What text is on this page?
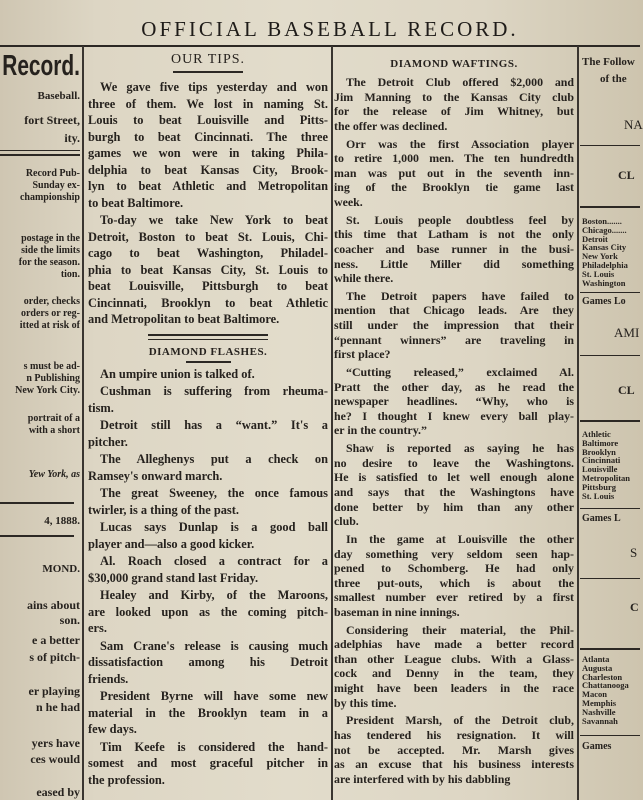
OFFICIAL BASEBALL RECORD.
Record.
Baseball.
fort Street,
ity.
Record Pub-
Sunday ex-
championship
postage in the
side the limits
for the season.
tion.
order, checks
orders or reg-
itted at risk of
s must be ad-
n Publishing
New York City.
portrait of a
with a short
Yew York, as
4, 1888.
MOND.
ains about
son.
e a better
s of pitch-
er playing
n he had
yers have
ces would
eased by
OUR TIPS.
We gave five tips yesterday and won
three of them. We lost in naming St.
Louis to beat Louisville and Pitts-
burgh to beat Cincinnati. The three
games we won were in taking Phila-
delphia to beat Kansas City, Brook-
lyn to beat Athletic and Metropolitan
to beat Baltimore.
To-day we take New York to beat
Detroit, Boston to beat St. Louis, Chi-
cago to beat Washington, Philadel-
phia to beat Kansas City, St. Louis to
beat Louisville, Pittsburgh to beat
Cincinnati, Brooklyn to beat Athletic
and Metropolitan to beat Baltimore.
DIAMOND FLASHES.
An umpire union is talked of.
Cushman is suffering from rheuma-
tism.
Detroit still has a “want.” It's a
pitcher.
The Alleghenys put a check on
Ramsey's onward march.
The great Sweeney, the once famous
twirler, is a thing of the past.
Lucas says Dunlap is a good ball
player and—also a good kicker.
Al. Roach closed a contract for a
$30,000 grand stand last Friday.
Healey and Kirby, of the Maroons,
are looked upon as the coming pitch-
ers.
Sam Crane's release is causing much
dissatisfaction among his Detroit
friends.
President Byrne will have some new
material in the Brooklyn team in a
few days.
Tim Keefe is considered the hand-
somest and most graceful pitcher in
the profession.
DIAMOND WAFTINGS.
The Detroit Club offered $2,000 and
Jim Manning to the Kansas City club
for the release of Jim Whitney, but
the offer was declined.
Orr was the first Association player
to retire 1,000 men. The ten hundredth
man was put out in the seventh inn-
ing of the Brooklyn tie game last
week.
St. Louis people doubtless feel by
this time that Latham is not the only
coacher and base runner in the busi-
ness. Little Miller did something
while there.
The Detroit papers have failed to
mention that Chicago leads. Are they
still under the impression that their
“pennant winners” are traveling in
first place?
“Cutting released,” exclaimed Al.
Pratt the other day, as he read the
newspaper headlines. “Why, who is
he? I thought I knew every ball play-
er in the country.”
Shaw is reported as saying he has
no desire to leave the Washingtons.
He is satisfied to let well enough alone
and says that the Washingtons have
done better by him than any other
club.
In the game at Louisville the other
day something very seldom seen hap-
pened to Schomberg. He had only
three put-outs, which is about the
smallest number ever retired by a first
baseman in nine innings.
Considering their material, the Phil-
adelphias have made a better record
than other League clubs. With a Glass-
cock and Denny in the team, they
might have been leaders in the race
by this time.
President Marsh, of the Detroit club,
has tendered his resignation. It will
not be accepted. Mr. Marsh gives
as an excuse that his business interests
are interfered with by his dabbling
The Follow
of the
NA
CL
Boston.......
Chicago.......
Detroit
Kansas City
New York
Philadelphia
St. Louis
Washington
Games Lo
AMI
CL
Athletic
Baltimore
Brooklyn
Cincinnati
Louisville
Metropolitan
Pittsburg
St. Louis
Games L
S
C
Atlanta
Augusta
Charleston
Chattanooga
Macon
Memphis
Nashville
Savannah
Games
